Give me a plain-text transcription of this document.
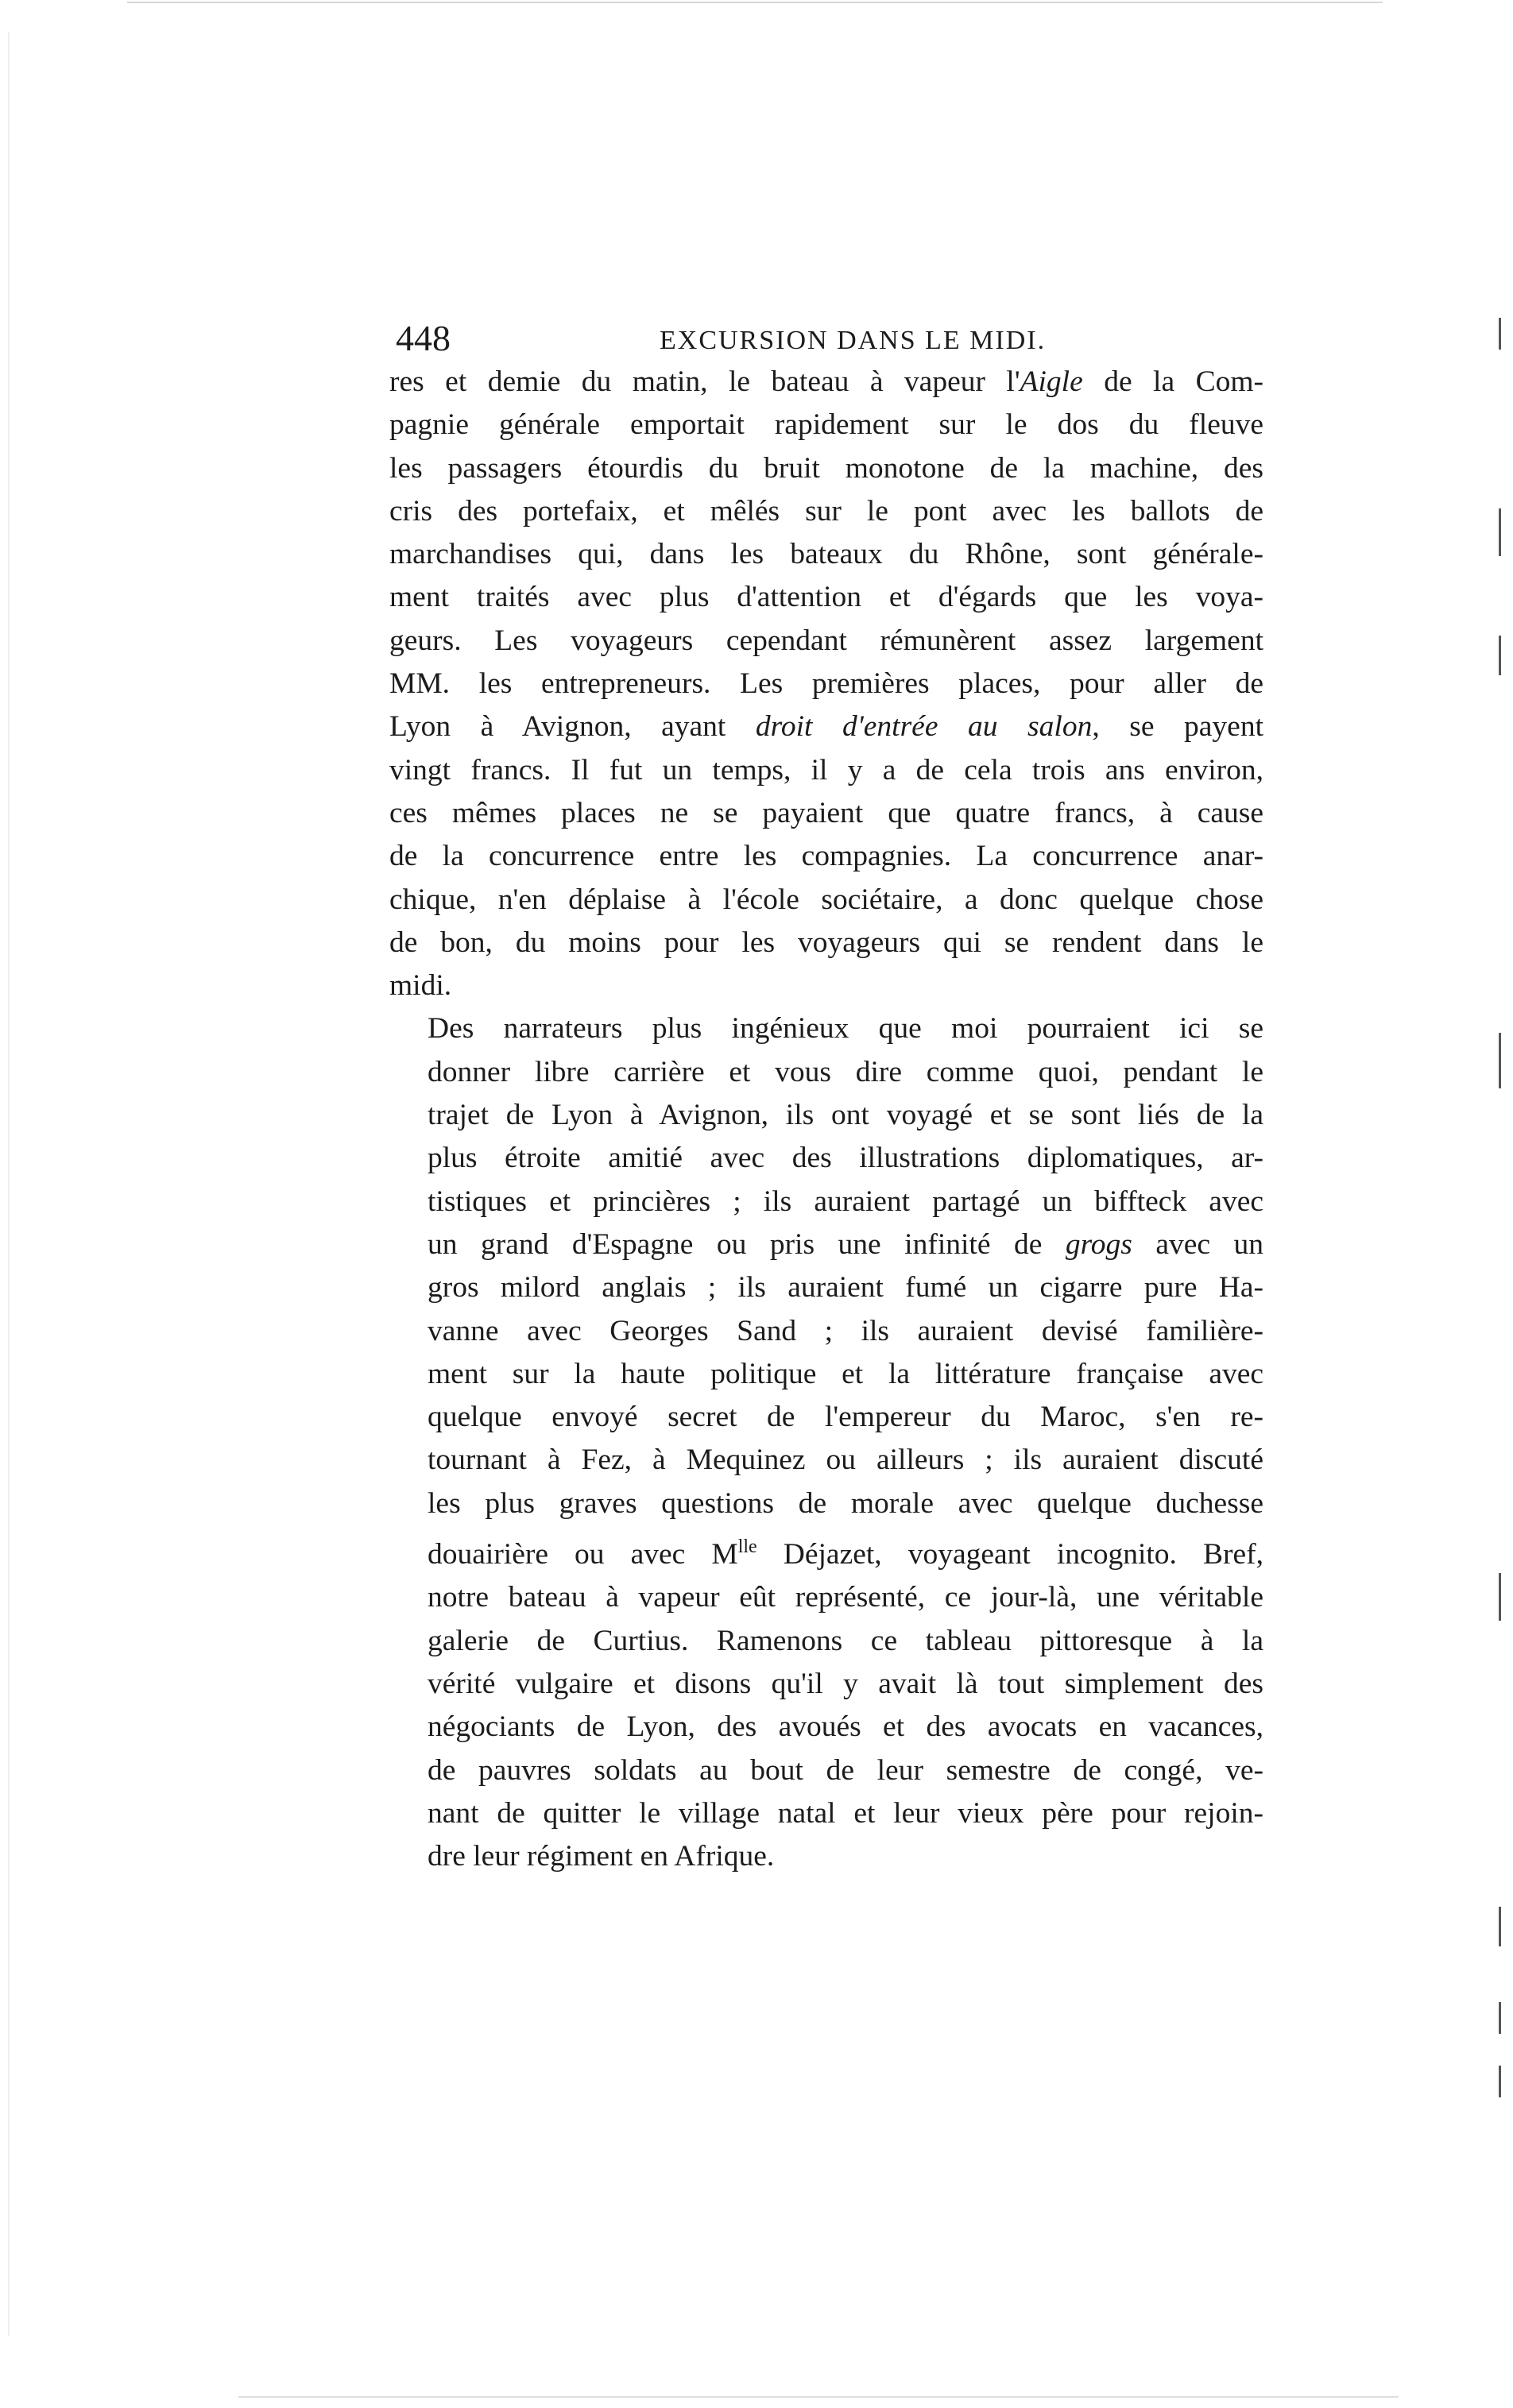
448	EXCURSION DANS LE MIDI.

res et demie du matin, le bateau à vapeur l'Aigle de la Com-
pagnie générale emportait rapidement sur le dos du fleuve
les passagers étourdis du bruit monotone de la machine, des
cris des portefaix, et mêlés sur le pont avec les ballots de
marchandises qui, dans les bateaux du Rhône, sont générale-
ment traités avec plus d'attention et d'égards que les voya-
geurs. Les voyageurs cependant rémunèrent assez largement
MM. les entrepreneurs. Les premières places, pour aller de
Lyon à Avignon, ayant droit d'entrée au salon, se payent
vingt francs. Il fut un temps, il y a de cela trois ans environ,
ces mêmes places ne se payaient que quatre francs, à cause
de la concurrence entre les compagnies. La concurrence anar-
chique, n'en déplaise à l'école sociétaire, a donc quelque chose
de bon, du moins pour les voyageurs qui se rendent dans le
midi.

Des narrateurs plus ingénieux que moi pourraient ici se
donner libre carrière et vous dire comme quoi, pendant le
trajet de Lyon à Avignon, ils ont voyagé et se sont liés de la
plus étroite amitié avec des illustrations diplomatiques, ar-
tistiques et princières ; ils auraient partagé un biffteck avec
un grand d'Espagne ou pris une infinité de grogs avec un
gros milord anglais ; ils auraient fumé un cigarre pure Ha-
vanne avec Georges Sand ; ils auraient devisé familière-
ment sur la haute politique et la littérature française avec
quelque envoyé secret de l'empereur du Maroc, s'en re-
tournant à Fez, à Mequinez ou ailleurs ; ils auraient discuté
les plus graves questions de morale avec quelque duchesse
douairière ou avec $M^{lle}$ Déjazet, voyageant incognito. Bref,
notre bateau à vapeur eût représenté, ce jour-là, une véritable
galerie de Curtius. Ramenons ce tableau pittoresque à la
vérité vulgaire et disons qu'il y avait là tout simplement des
négociants de Lyon, des avoués et des avocats en vacances,
de pauvres soldats au bout de leur semestre de congé, ve-
nant de quitter le village natal et leur vieux père pour rejoin-
dre leur régiment en Afrique.
